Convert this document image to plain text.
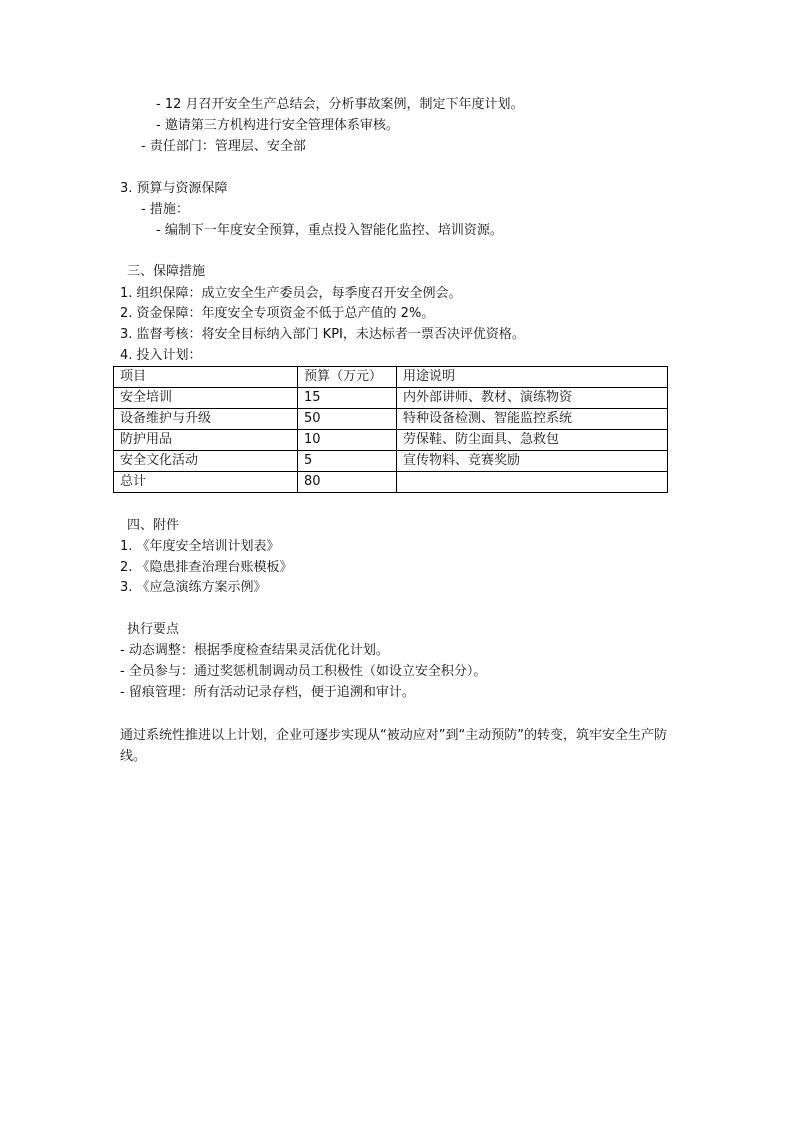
- 12 月召开安全生产总结会，分析事故案例，制定下年度计划。
- 邀请第三方机构进行安全管理体系审核。
- 责任部门：管理层、安全部
3. 预算与资源保障
- 措施：
- 编制下一年度安全预算，重点投入智能化监控、培训资源。
三、保障措施
1. 组织保障：成立安全生产委员会，每季度召开安全例会。
2. 资金保障：年度安全专项资金不低于总产值的 2%。
3. 监督考核：将安全目标纳入部门 KPI，未达标者一票否决评优资格。
4. 投入计划：
项目	预算（万元）	用途说明
安全培训	15	内外部讲师、教材、演练物资
设备维护与升级	50	特种设备检测、智能监控系统
防护用品	10	劳保鞋、防尘面具、急救包
安全文化活动	5	宣传物料、竞赛奖励
总计	80	
四、附件
1. 《年度安全培训计划表》
2. 《隐患排查治理台账模板》
3. 《应急演练方案示例》
执行要点
- 动态调整：根据季度检查结果灵活优化计划。
- 全员参与：通过奖惩机制调动员工积极性（如设立安全积分）。
- 留痕管理：所有活动记录存档，便于追溯和审计。
通过系统性推进以上计划，企业可逐步实现从“被动应对”到“主动预防”的转变，筑牢安全生产防线。
